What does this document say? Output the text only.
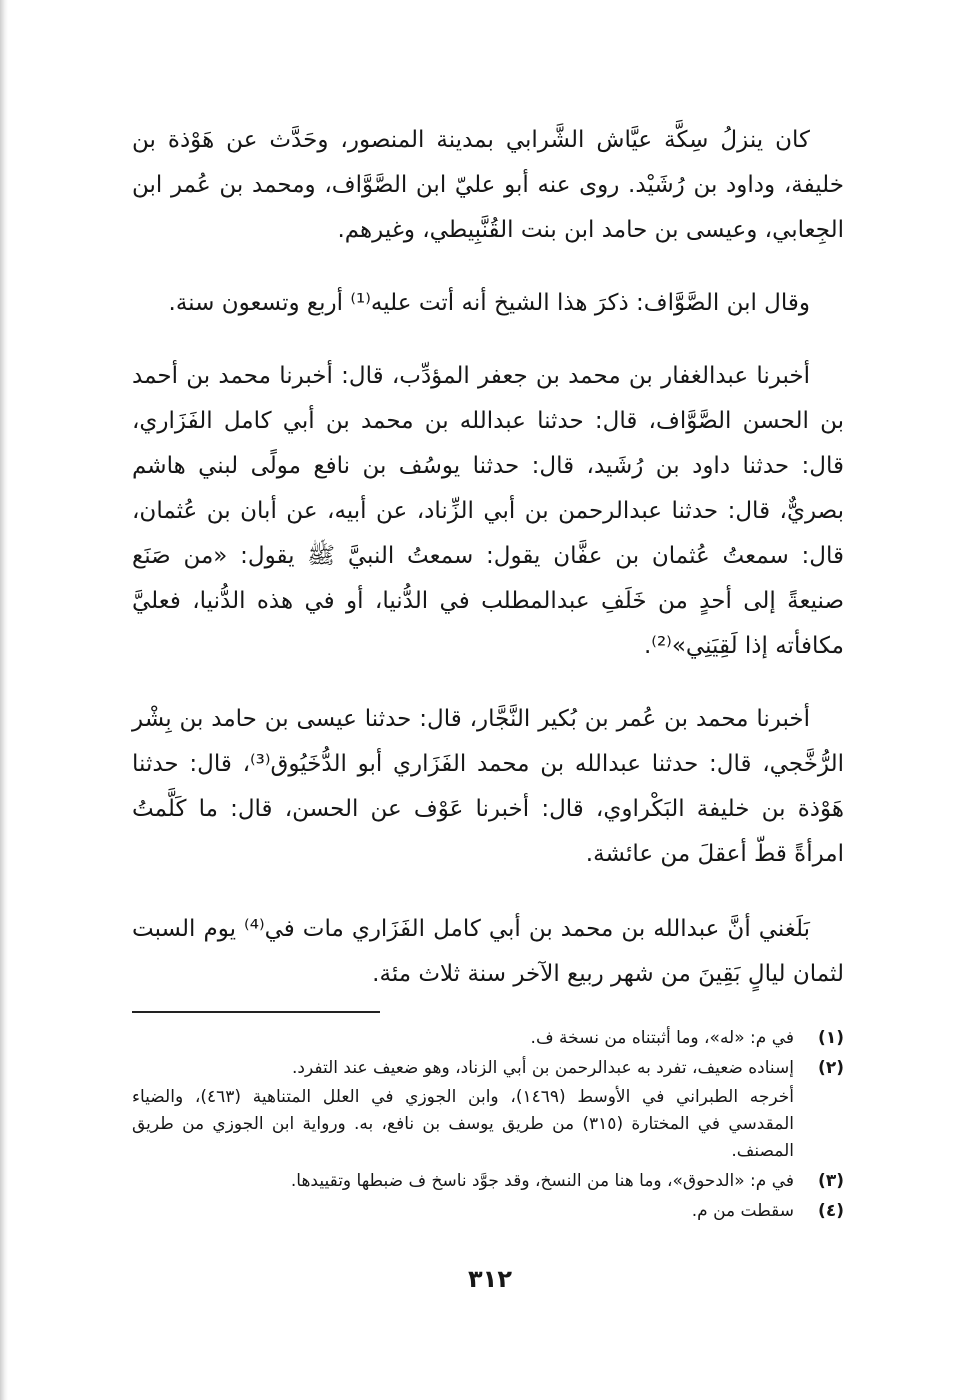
كان ينزلُ سِكَّة عيَّاش الشَّرابي بمدينة المنصور، وحَدَّث عن هَوْذة بن خليفة، وداود بن رُشَيْد. روى عنه أبو عليّ ابن الصَّوَّاف، ومحمد بن عُمر ابن الجِعابي، وعيسى بن حامد ابن بنت القُنَّبِيطي، وغيرهم.

وقال ابن الصَّوَّاف: ذكرَ هذا الشيخ أنه أتت عليه⁽¹⁾ أربع وتسعون سنة.

أخبرنا عبدالغفار بن محمد بن جعفر المؤدِّب، قال: أخبرنا محمد بن أحمد بن الحسن الصَّوَّاف، قال: حدثنا عبدالله بن محمد بن أبي كامل الفَزَاري، قال: حدثنا داود بن رُشَيد، قال: حدثنا يوسُف بن نافع مولًى لبني هاشم بصريٌّ، قال: حدثنا عبدالرحمن بن أبي الزِّناد، عن أبيه، عن أبان بن عُثمان، قال: سمعتُ عُثمان بن عفَّان يقول: سمعتُ النبيَّ ﷺ يقول: «من صَنَع صنيعةً إلى أحدٍ من خَلَفِ عبدالمطلب في الدُّنيا، أو في هذه الدُّنيا، فعليَّ مكافأته إذا لَقِيَنِي»⁽²⁾.

أخبرنا محمد بن عُمر بن بُكير النَّجَّار، قال: حدثنا عيسى بن حامد بن بِشْر الرُّخَّجي، قال: حدثنا عبدالله بن محمد الفَزَاري أبو الدُّخَيُوق⁽³⁾، قال: حدثنا هَوْذة بن خليفة البَكْراوي، قال: أخبرنا عَوْف عن الحسن، قال: ما كَلَّمتُ امرأةً قطّ أعقلَ من عائشة.

بَلَغني أنَّ عبدالله بن محمد بن أبي كامل الفَزَاري مات في⁽⁴⁾ يوم السبت لثمان ليالٍ بَقِينَ من شهر ربيع الآخر سنة ثلاث مئة.

(١)
في م: «له»، وما أثبتناه من نسخة ف.
(٢)
إسناده ضعيف، تفرد به عبدالرحمن بن أبي الزناد، وهو ضعيف عند التفرد.
أخرجه الطبراني في الأوسط (١٤٦٩)، وابن الجوزي في العلل المتناهية (٤٦٣)، والضياء المقدسي في المختارة (٣١٥) من طريق يوسف بن نافع، به. ورواية ابن الجوزي من طريق المصنف.
(٣)
في م: «الدحوق»، وما هنا من النسخ، وقد جوَّد ناسخ ف ضبطها وتقييدها.
(٤)
سقطت من م.
٣١٢
